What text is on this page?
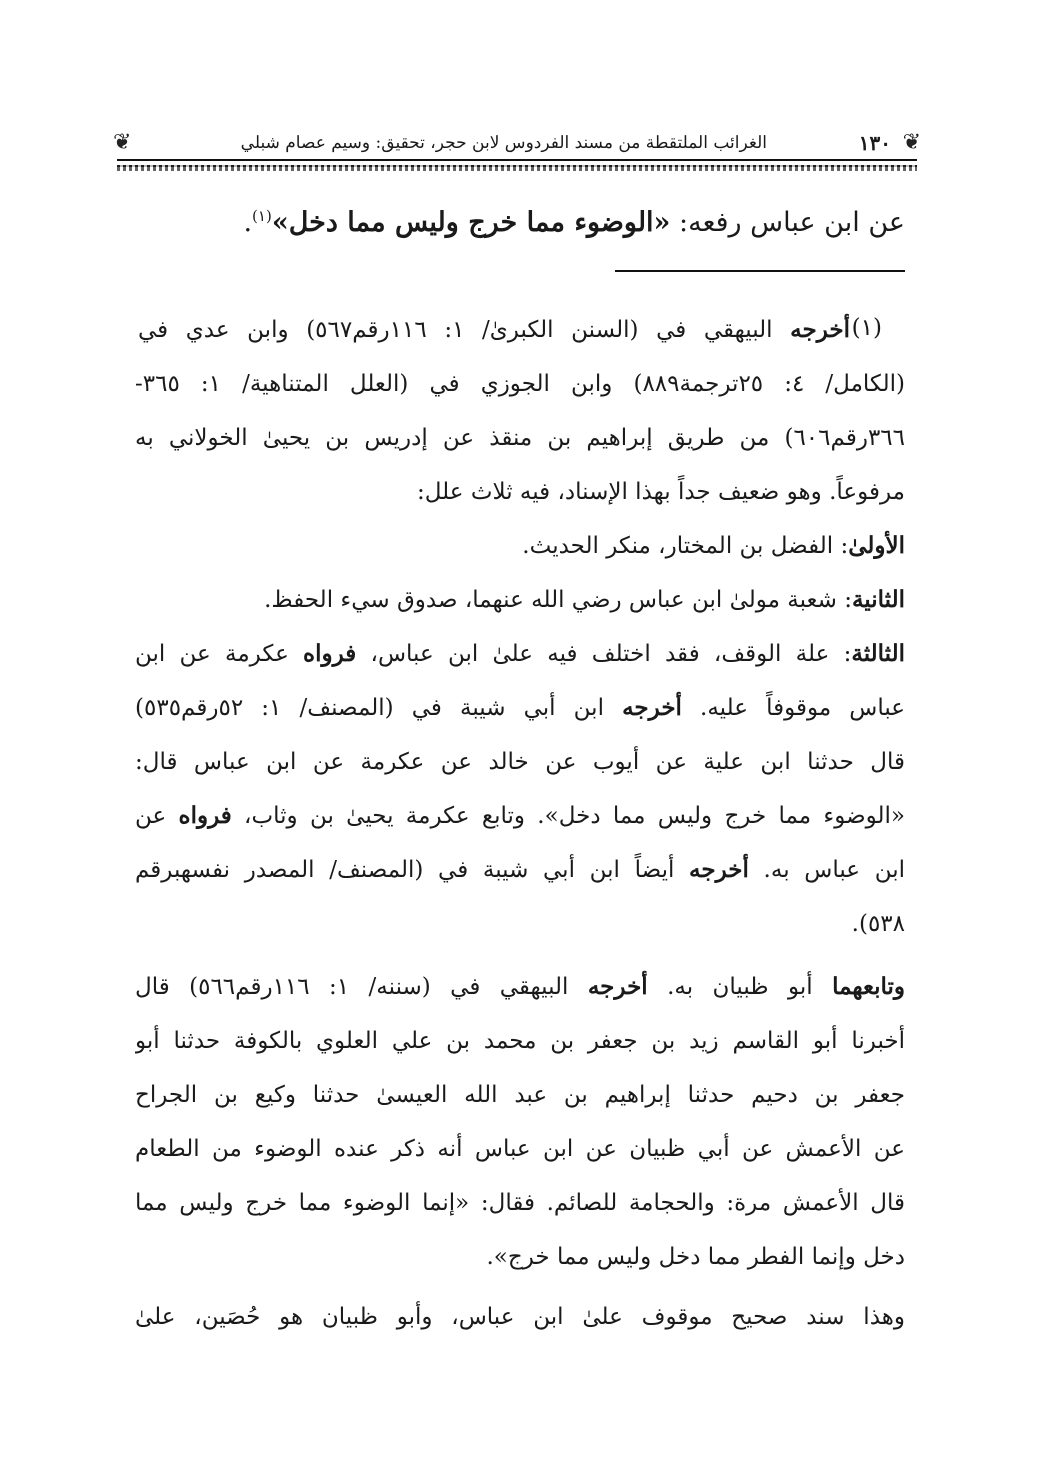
❦
١٣٠
الغرائب الملتقطة من مسند الفردوس لابن حجر، تحقيق: وسيم عصام شبلي
❦
عن ابن عباس رفعه: «الوضوء مما خرج وليس مما دخل»$^{(١)}$.
(١)
أخرجه البيهقي في (السنن الكبرىٰ/ ١: ١١٦رقم٥٦٧) وابن عدي في
(الكامل/ ٤: ٢٥ترجمة٨٨٩) وابن الجوزي في (العلل المتناهية/ ١: ٣٦٥-
٣٦٦رقم٦٠٦) من طريق إبراهيم بن منقذ عن إدريس بن يحيىٰ الخولاني به
مرفوعاً. وهو ضعيف جداً بهذا الإسناد، فيه ثلاث علل:
الأولىٰ: الفضل بن المختار، منكر الحديث.
الثانية: شعبة مولىٰ ابن عباس رضي الله عنهما، صدوق سيء الحفظ.
الثالثة: علة الوقف، فقد اختلف فيه علىٰ ابن عباس، فرواه عكرمة عن ابن
عباس موقوفاً عليه. أخرجه ابن أبي شيبة في (المصنف/ ١: ٥٢رقم٥٣٥)
قال حدثنا ابن علية عن أيوب عن خالد عن عكرمة عن ابن عباس قال:
«الوضوء مما خرج وليس مما دخل». وتابع عكرمة يحيىٰ بن وثاب، فرواه عن
ابن عباس به. أخرجه أيضاً ابن أبي شيبة في (المصنف/ المصدر نفسهبرقم
٥٣٨).
وتابعهما أبو ظبيان به. أخرجه البيهقي في (سننه/ ١: ١١٦رقم٥٦٦) قال
أخبرنا أبو القاسم زيد بن جعفر بن محمد بن علي العلوي بالكوفة حدثنا أبو
جعفر بن دحيم حدثنا إبراهيم بن عبد الله العيسىٰ حدثنا وكيع بن الجراح
عن الأعمش عن أبي ظبيان عن ابن عباس أنه ذكر عنده الوضوء من الطعام
قال الأعمش مرة: والحجامة للصائم. فقال: «إنما الوضوء مما خرج وليس مما
دخل وإنما الفطر مما دخل وليس مما خرج».
وهذا سند صحيح موقوف علىٰ ابن عباس، وأبو ظبيان هو حُصَين، علىٰ
